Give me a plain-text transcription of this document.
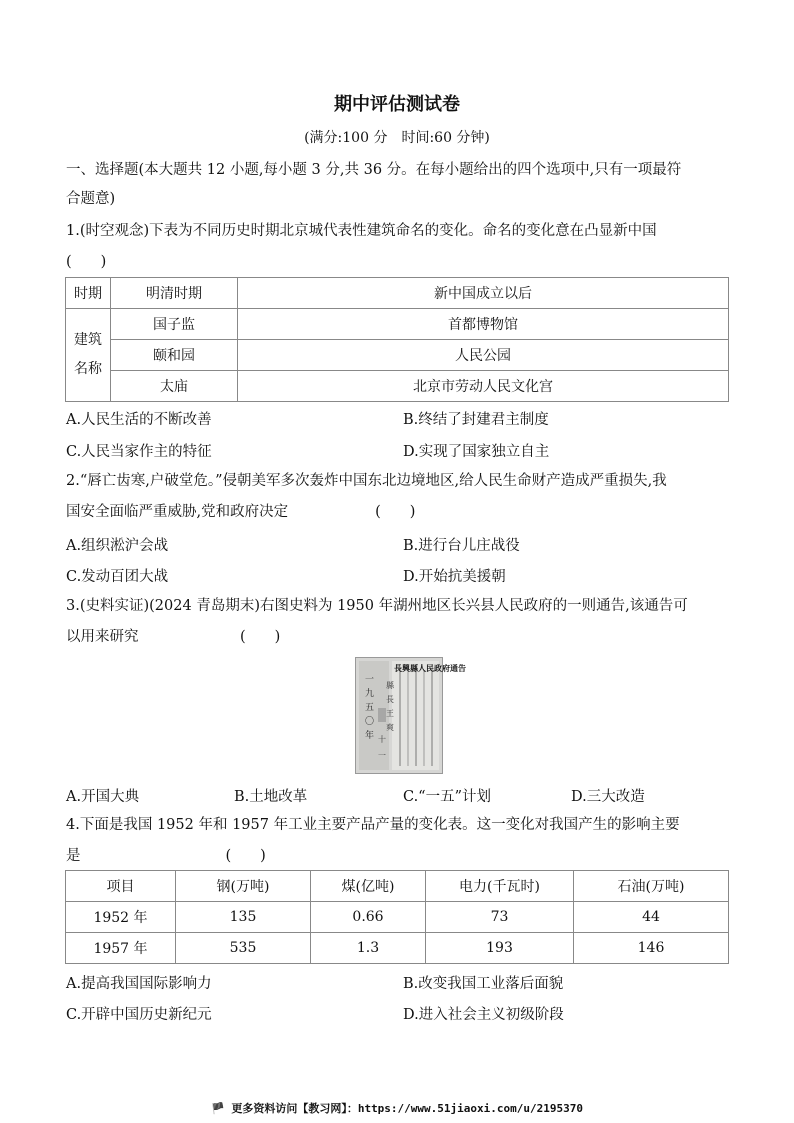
期中评估测试卷
(满分:100 分　时间:60 分钟)
一、选择题(本大题共 12 小题,每小题 3 分,共 36 分。在每小题给出的四个选项中,只有一项最符
合题意)
1.(时空观念)下表为不同历史时期北京城代表性建筑命名的变化。命名的变化意在凸显新中国
(　　)
时期	明清时期	新中国成立以后

建筑
名称	国子监	首都博物馆
	颐和园	人民公园
	太庙	北京市劳动人民文化宫
A.人民生活的不断改善	B.终结了封建君主制度
C.人民当家作主的特征	D.实现了国家独立自主
2.“唇亡齿寒,户破堂危。”侵朝美军多次轰炸中国东北边境地区,给人民生命财产造成严重损失,我
国安全面临严重威胁,党和政府决定　　　　　　(　　)
A.组织淞沪会战	B.进行台儿庄战役
C.发动百团大战	D.开始抗美援朝
3.(史料实证)(2024 青岛期末)右图史料为 1950 年湖州地区长兴县人民政府的一则通告,该通告可
以用来研究　　　　　　　(　　)
一
九
五
〇
年 十
一
縣
長
王
爽
長興縣人民政府通告
A.开国大典	B.土地改革	C.“一五”计划	D.三大改造
4.下面是我国 1952 年和 1957 年工业主要产品产量的变化表。这一变化对我国产生的影响主要
是　　　　　　　　　　(　　)
项目	钢(万吨)	煤(亿吨)	电力(千瓦时)	石油(万吨)
1952 年	135	0.66	73	44
1957 年	535	1.3	193	146
A.提高我国国际影响力	B.改变我国工业落后面貌
C.开辟中国历史新纪元	D.进入社会主义初级阶段
🏴 更多资料访问【教习网】：https://www.51jiaoxi.com/u/2195370
